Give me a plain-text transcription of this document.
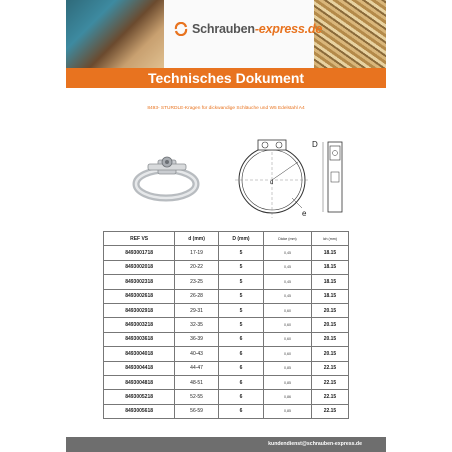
Schrauben-express.de
Technisches Dokument
8493- STURDLE-Kragen für dickwandige Schläuche und W5 Edelstahl A4
D
d
e
REF VS	d (mm)	D (mm)	Dicke (mm)	lch (mm)
8493001718	17-19	5	0,45	18.15
8493002018	20-22	5	0,45	18.15
8493002318	23-25	5	0,45	18.15
8493002618	26-28	5	0,45	18.15
8493002918	29-31	5	0,60	20.15
8493003218	32-35	5	0,60	20.15
8493003618	36-39	6	0,60	20.15
8493004018	40-43	6	0,60	20.15
8493004418	44-47	6	0,85	22.15
8493004818	48-51	6	0,85	22.15
8493005218	52-55	6	0,86	22.15
8493005618	56-59	6	0,85	22.15
kundendienst@schrauben-express.de
